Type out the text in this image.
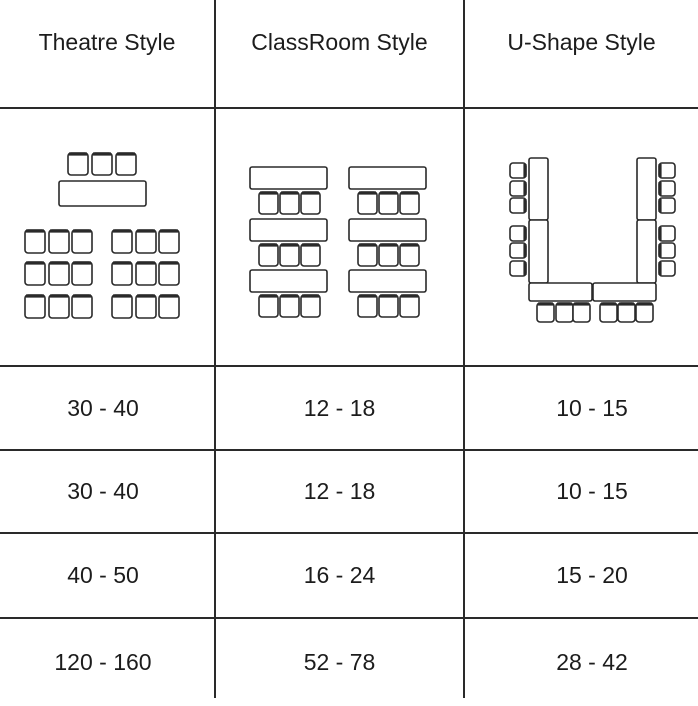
Theatre Style	ClassRoom Style	U-Shape Style
30 - 40	12 - 18	10 - 15
30 - 40	12 - 18	10 - 15
40 - 50	16 - 24	15 - 20
120 - 160	52 - 78	28 - 42
